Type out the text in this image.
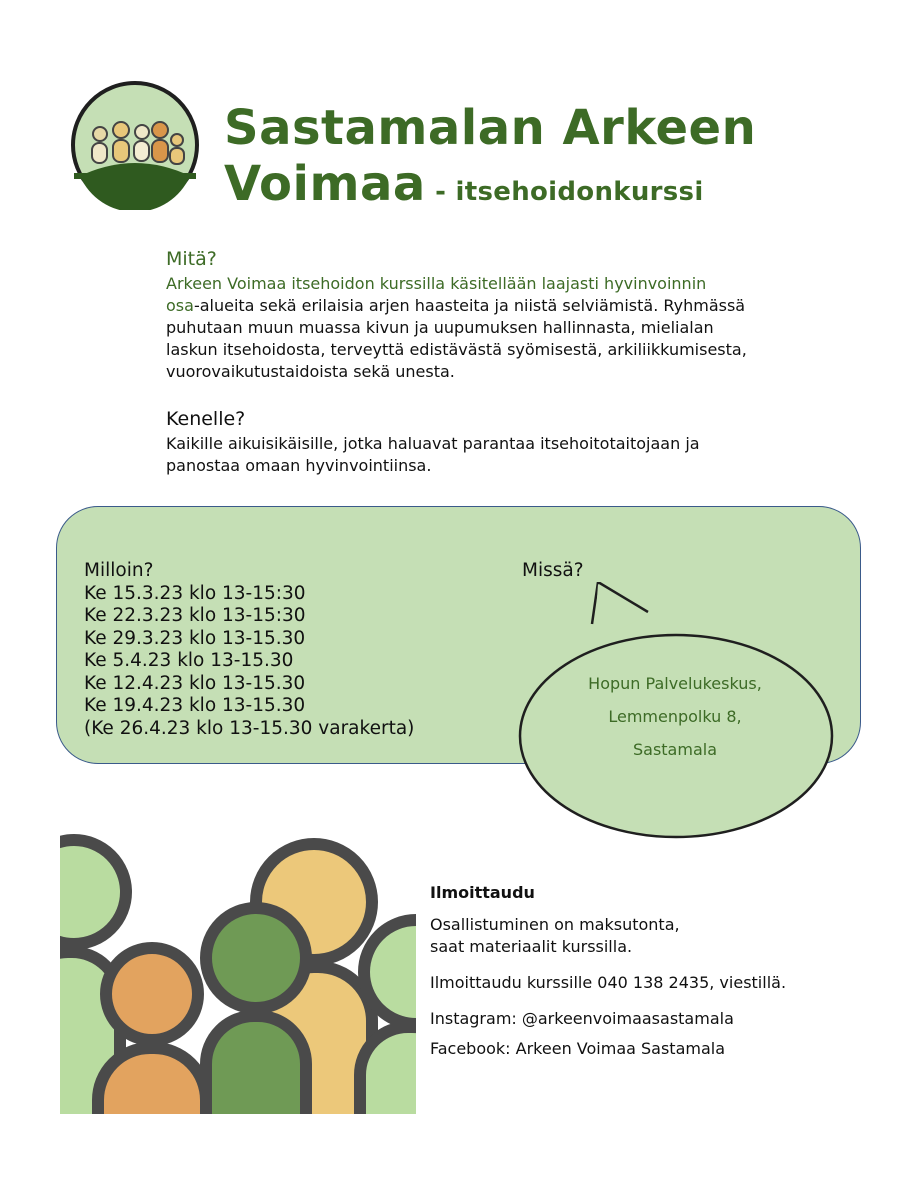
Sastamalan Arkeen
Voimaa - itsehoidonkurssi

Mitä?

Arkeen Voimaa itsehoidon kurssilla käsitellään laajasti hyvinvoinnin
osa-alueita sekä erilaisia arjen haasteita ja niistä selviämistä. Ryhmässä
puhutaan muun muassa kivun ja uupumuksen hallinnasta, mielialan
laskun itsehoidosta, terveyttä edistävästä syömisestä, arkiliikkumisesta,
vuorovaikutustaidoista sekä unesta.

Kenelle?

Kaikille aikuisikäisille, jotka haluavat parantaa itsehoitotaitojaan ja
panostaa omaan hyvinvointiinsa.

Milloin?
Ke 15.3.23 klo 13-15:30
Ke 22.3.23 klo 13-15:30
Ke 29.3.23 klo 13-15.30
Ke 5.4.23 klo 13-15.30
Ke 12.4.23 klo 13-15.30
Ke 19.4.23 klo 13-15.30
(Ke 26.4.23 klo 13-15.30 varakerta)
Missä?
Hopun Palvelukeskus,
Lemmenpolku 8,
Sastamala

Ilmoittaudu

Osallistuminen on maksutonta,

saat materiaalit kurssilla.

Ilmoittaudu kurssille 040 138 2435, viestillä.

Instagram: @arkeenvoimaasastamala

Facebook: Arkeen Voimaa Sastamala
